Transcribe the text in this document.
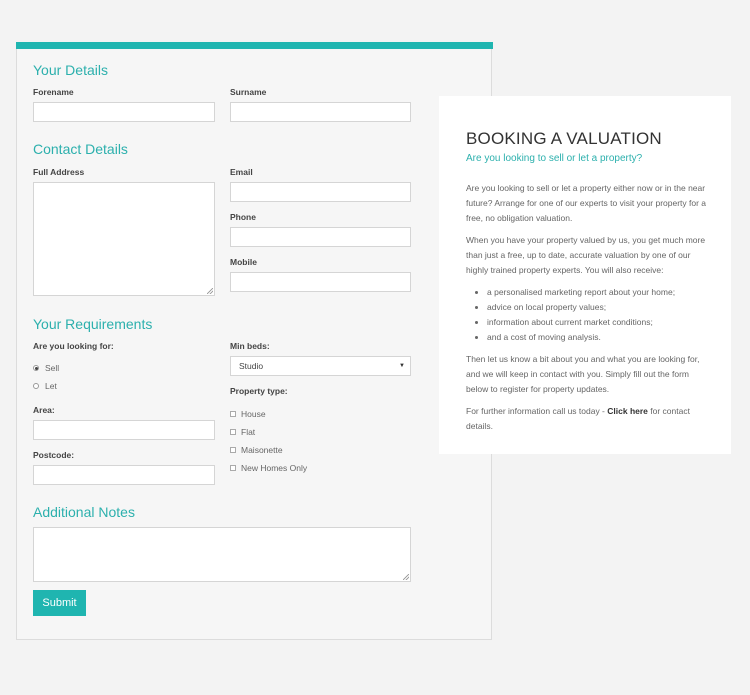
Your Details
Forename	Surname
Contact Details
Full Address	Email
Phone
Mobile
Your Requirements
Are you looking for:
Sell
Let
Area:
Postcode:
Min beds:
Studio	▼
Property type:
House
Flat
Maisonette
New Homes Only
Additional Notes
Submit
BOOKING A VALUATION
Are you looking to sell or let a property?

Are you looking to sell or let a property either now or in the near future? Arrange for one of our experts to visit your property for a free, no obligation valuation.

When you have your property valued by us, you get much more than just a free, up to date, accurate valuation by one of our highly trained property experts. You will also receive:

• a personalised marketing report about your home;
• advice on local property values;
• information about current market conditions;
• and a cost of moving analysis.

Then let us know a bit about you and what you are looking for, and we will keep in contact with you. Simply fill out the form below to register for property updates.

For further information call us today - Click here for contact details.
